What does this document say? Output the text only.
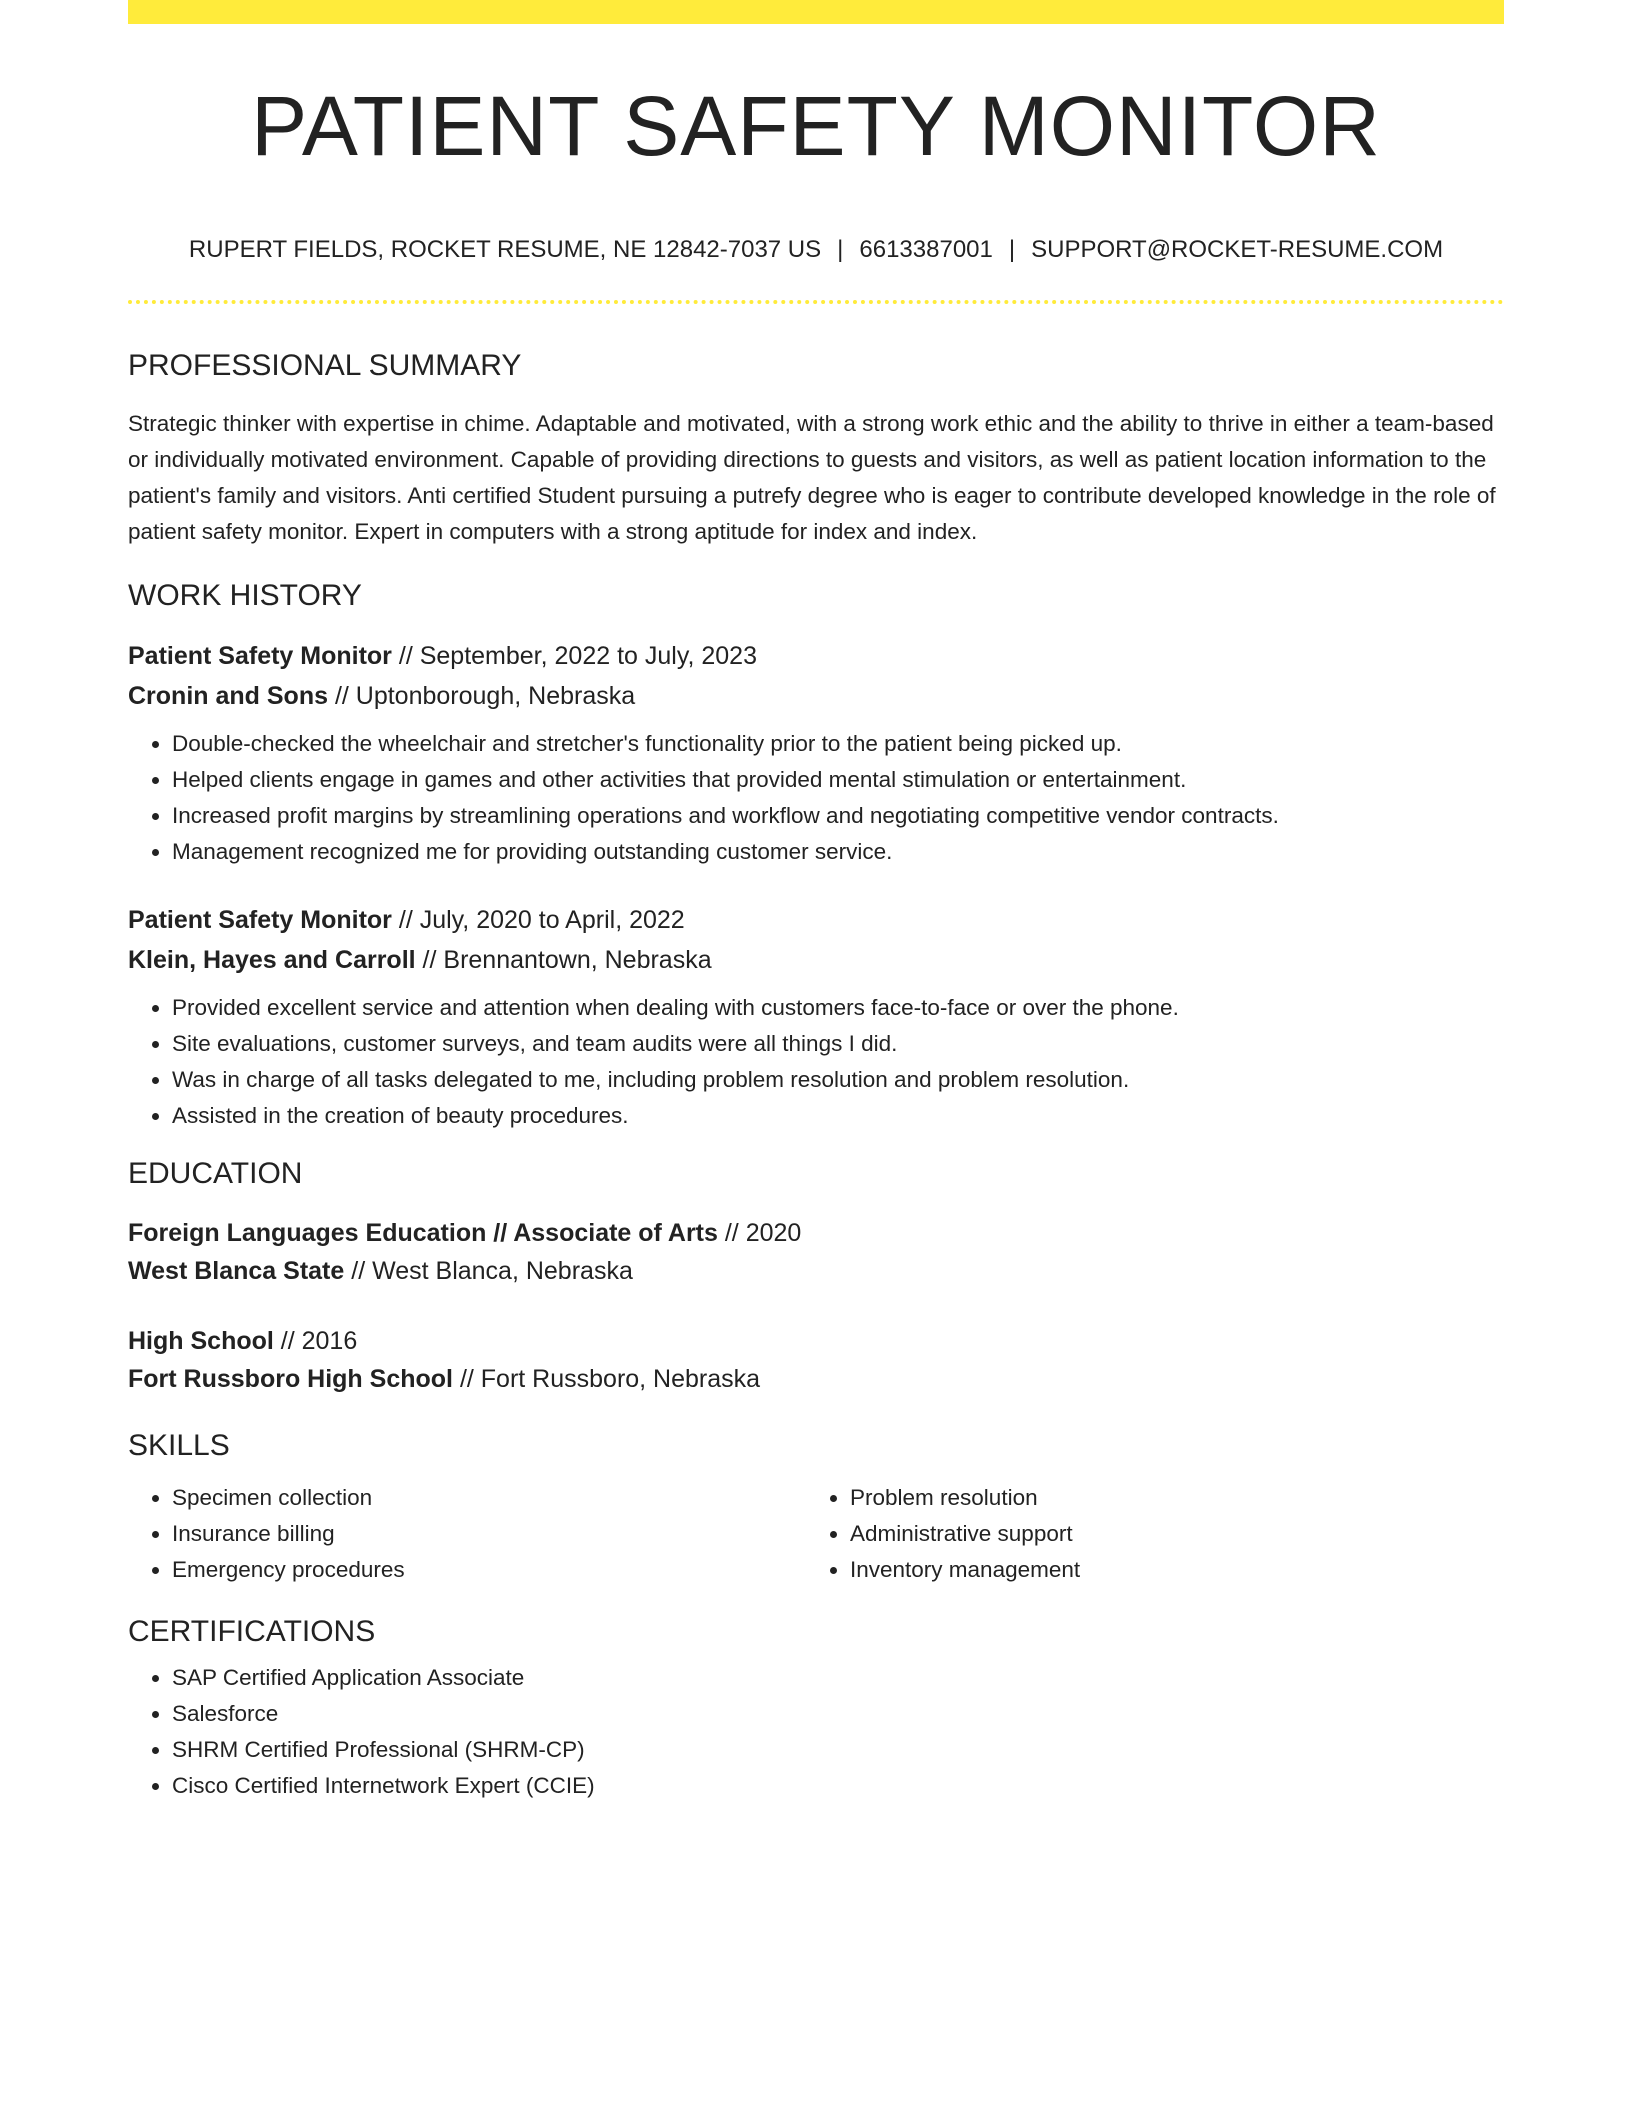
PATIENT SAFETY MONITOR
RUPERT FIELDS, ROCKET RESUME, NE 12842-7037 US | 6613387001 | SUPPORT@ROCKET-RESUME.COM
PROFESSIONAL SUMMARY

Strategic thinker with expertise in chime. Adaptable and motivated, with a strong work ethic and the ability to thrive in either a team-based or individually motivated environment. Capable of providing directions to guests and visitors, as well as patient location information to the patient's family and visitors. Anti certified Student pursuing a putrefy degree who is eager to contribute developed knowledge in the role of patient safety monitor. Expert in computers with a strong aptitude for index and index.

WORK HISTORY
Patient Safety Monitor // September, 2022 to July, 2023
Cronin and Sons // Uptonborough, Nebraska
• Double-checked the wheelchair and stretcher's functionality prior to the patient being picked up.
• Helped clients engage in games and other activities that provided mental stimulation or entertainment.
• Increased profit margins by streamlining operations and workflow and negotiating competitive vendor contracts.
• Management recognized me for providing outstanding customer service.
Patient Safety Monitor // July, 2020 to April, 2022
Klein, Hayes and Carroll // Brennantown, Nebraska
• Provided excellent service and attention when dealing with customers face-to-face or over the phone.
• Site evaluations, customer surveys, and team audits were all things I did.
• Was in charge of all tasks delegated to me, including problem resolution and problem resolution.
• Assisted in the creation of beauty procedures.
EDUCATION
Foreign Languages Education // Associate of Arts // 2020
West Blanca State // West Blanca, Nebraska
High School // 2016
Fort Russboro High School // Fort Russboro, Nebraska
SKILLS
• Specimen collection
• Insurance billing
• Emergency procedures
• Problem resolution
• Administrative support
• Inventory management
CERTIFICATIONS
• SAP Certified Application Associate
• Salesforce
• SHRM Certified Professional (SHRM-CP)
• Cisco Certified Internetwork Expert (CCIE)
